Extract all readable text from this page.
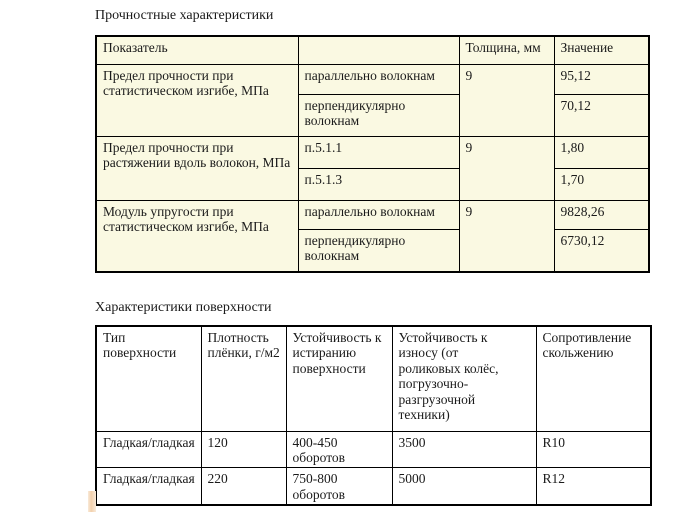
Прочностные характеристики
Показатель		Толщина, мм	Значение
Предел прочности при статистическом изгибе, МПа	параллельно волокнам	9	95,12
	перпендикулярно волокнам		70,12
Предел прочности при растяжении вдоль волокон, МПа	п.5.1.1	9	1,80
	п.5.1.3		1,70
Модуль упругости при статистическом изгибе, МПа	параллельно волокнам	9	9828,26
	перпендикулярно волокнам		6730,12
Характеристики поверхности
Тип поверхности	Плотность плёнки, г/м2	Устойчивость к истиранию поверхности	Устойчивость к износу (от роликовых колёс, погрузочно-разгрузочной техники)	Сопротивление скольжению
Гладкая/гладкая	120	400-450 оборотов	3500	R10
Гладкая/гладкая	220	750-800 оборотов	5000	R12
